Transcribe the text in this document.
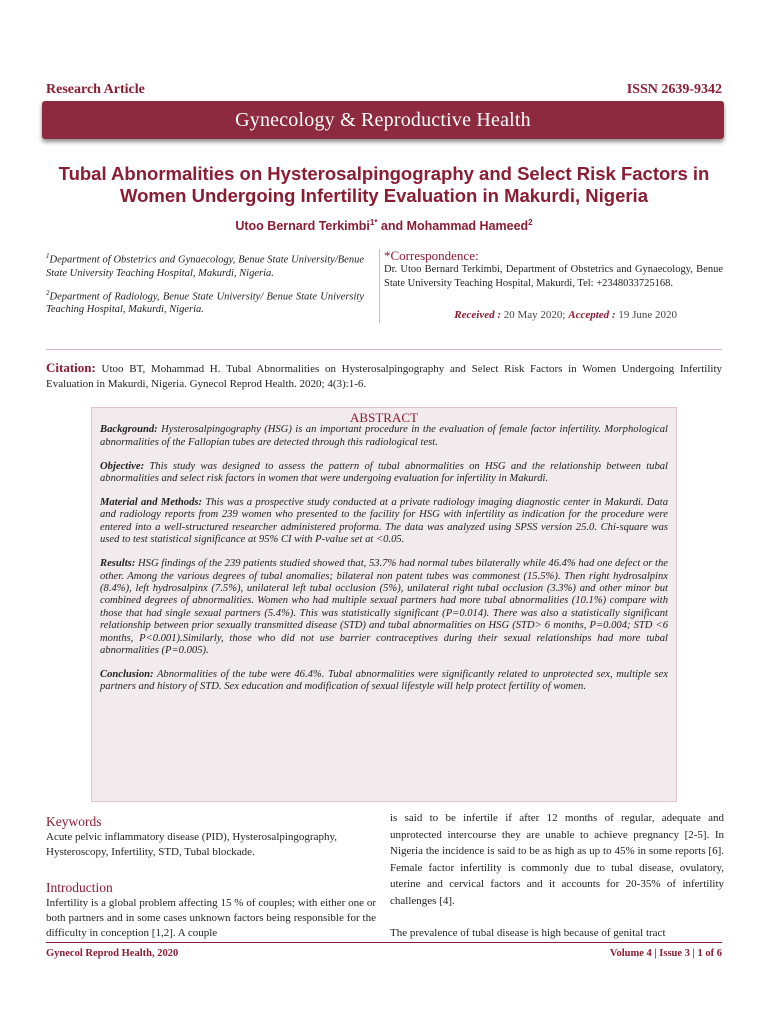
Research Article	ISSN 2639-9342
Gynecology & Reproductive Health
Tubal Abnormalities on Hysterosalpingography and Select Risk Factors in Women Undergoing Infertility Evaluation in Makurdi, Nigeria
Utoo Bernard Terkimbi$^{1*}$ and Mohammad Hameed$^2$

$^1$Department of Obstetrics and Gynaecology, Benue State University/Benue State University Teaching Hospital, Makurdi, Nigeria.

$^2$Department of Radiology, Benue State University/ Benue State University Teaching Hospital, Makurdi, Nigeria.

*Correspondence:
Dr. Utoo Bernard Terkimbi, Department of Obstetrics and Gynaecology, Benue State University Teaching Hospital, Makurdi, Tel: +2348033725168.
Received : 20 May 2020; Accepted : 19 June 2020
Citation: Utoo BT, Mohammad H. Tubal Abnormalities on Hysterosalpingography and Select Risk Factors in Women Undergoing Infertility Evaluation in Makurdi, Nigeria. Gynecol Reprod Health. 2020; 4(3):1-6.
ABSTRACT

Background: Hysterosalpingography (HSG) is an important procedure in the evaluation of female factor infertility. Morphological abnormalities of the Fallopian tubes are detected through this radiological test.

Objective: This study was designed to assess the pattern of tubal abnormalities on HSG and the relationship between tubal abnormalities and select risk factors in women that were undergoing evaluation for infertility in Makurdi.

Material and Methods: This was a prospective study conducted at a private radiology imaging diagnostic center in Makurdi. Data and radiology reports from 239 women who presented to the facility for HSG with infertility as indication for the procedure were entered into a well-structured researcher administered proforma. The data was analyzed using SPSS version 25.0. Chi-square was used to test statistical significance at 95% CI with P-value set at <0.05.

Results: HSG findings of the 239 patients studied showed that, 53.7% had normal tubes bilaterally while 46.4% had one defect or the other. Among the various degrees of tubal anomalies; bilateral non patent tubes was commonest (15.5%). Then right hydrosalpinx (8.4%), left hydrosalpinx (7.5%), unilateral left tubal occlusion (5%), unilateral right tubal occlusion (3.3%) and other minor but combined degrees of abnormalities. Women who had multiple sexual partners had more tubal abnormalities (10.1%) compare with those that had single sexual partners (5.4%). This was statistically significant (P=0.014). There was also a statistically significant relationship between prior sexually transmitted disease (STD) and tubal abnormalities on HSG (STD> 6 months, P=0.004; STD <6 months, P<0.001).Similarly, those who did not use barrier contraceptives during their sexual relationships had more tubal abnormalities (P=0.005).

Conclusion: Abnormalities of the tube were 46.4%. Tubal abnormalities were significantly related to unprotected sex, multiple sex partners and history of STD. Sex education and modification of sexual lifestyle will help protect fertility of women.

Keywords
Acute pelvic inflammatory disease (PID), Hysterosalpingography, Hysteroscopy, Infertility, STD, Tubal blockade.
Introduction
Infertility is a global problem affecting 15 % of couples; with either one or both partners and in some cases unknown factors being responsible for the difficulty in conception [1,2]. A couple

is said to be infertile if after 12 months of regular, adequate and unprotected intercourse they are unable to achieve pregnancy [2-5]. In Nigeria the incidence is said to be as high as up to 45% in some reports [6]. Female factor infertility is commonly due to tubal disease, ovulatory, uterine and cervical factors and it accounts for 20-35% of infertility challenges [4].

The prevalence of tubal disease is high because of genital tract

Gynecol Reprod Health, 2020	Volume 4 | Issue 3 | 1 of 6
